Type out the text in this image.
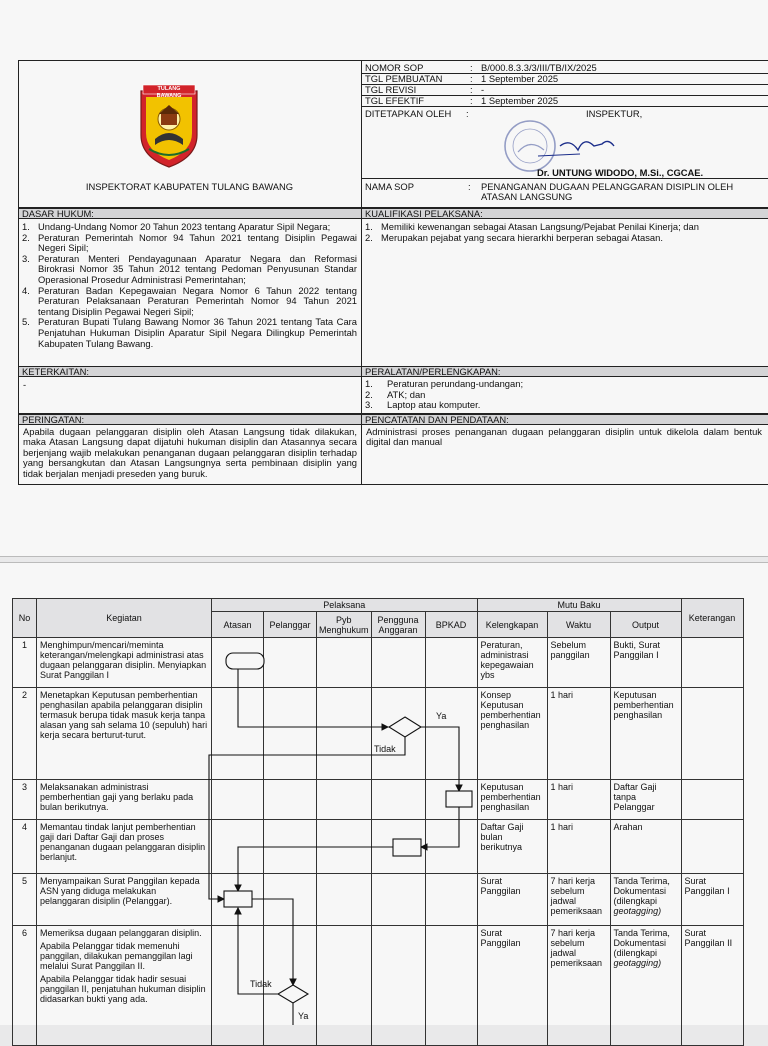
TULANG BAWANG
INSPEKTORAT KABUPATEN TULANG BAWANG
NOMOR SOP	: B/000.8.3.3/3/III/TB/IX/2025
TGL PEMBUATAN	: 1 September 2025
TGL REVISI	: -
TGL EFEKTIF	: 1 September 2025
DITETAPKAN OLEH :	INSPEKTUR,
Dr. UNTUNG WIDODO, M.Si., CGCAE.
NAMA SOP	: PENANGANAN DUGAAN PELANGGARAN DISIPLIN OLEH ATASAN LANGSUNG
DASAR HUKUM:	KUALIFIKASI PELAKSANA:
1. Undang-Undang Nomor 20 Tahun 2023 tentang Aparatur Sipil Negara;
2. Peraturan Pemerintah Nomor 94 Tahun 2021 tentang Disiplin Pegawai Negeri Sipil;
3. Peraturan Menteri Pendayagunaan Aparatur Negara dan Reformasi Birokrasi Nomor 35 Tahun 2012 tentang Pedoman Penyusunan Standar Operasional Prosedur Administrasi Pemerintahan;
4. Peraturan Badan Kepegawaian Negara Nomor 6 Tahun 2022 tentang Peraturan Pelaksanaan Peraturan Pemerintah Nomor 94 Tahun 2021 tentang Disiplin Pegawai Negeri Sipil;
5. Peraturan Bupati Tulang Bawang Nomor 36 Tahun 2021 tentang Tata Cara Penjatuhan Hukuman Disiplin Aparatur Sipil Negara Dilingkup Pemerintah Kabupaten Tulang Bawang.
1. Memiliki kewenangan sebagai Atasan Langsung/Pejabat Penilai Kinerja; dan
2. Merupakan pejabat yang secara hierarkhi berperan sebagai Atasan.
KETERKAITAN:	PERALATAN/PERLENGKAPAN:
-	1.	Peraturan perundang-undangan;
2.	ATK; dan
3.	Laptop atau komputer.
PERINGATAN:	PENCATATAN DAN PENDATAAN:
Apabila dugaan pelanggaran disiplin oleh Atasan Langsung tidak dilakukan, maka Atasan Langsung dapat dijatuhi hukuman disiplin dan Atasannya secara berjenjang wajib melakukan penanganan dugaan pelanggaran disiplin terhadap yang bersangkutan dan Atasan Langsungnya serta pembinaan disiplin yang tidak berjalan menjadi preseden yang buruk.
Administrasi proses penanganan dugaan pelanggaran disiplin untuk dikelola dalam bentuk digital dan manual
No	Kegiatan	Pelaksana					Mutu Baku			Keterangan
		Atasan	Pelanggar	Pyb Menghukum	Pengguna Anggaran	BPKAD	Kelengkapan	Waktu	Output	
1	Menghimpun/mencari/meminta keterangan/melengkapi administrasi atas dugaan pelanggaran disiplin. Menyiapkan Surat Panggilan I						Peraturan, administrasi kepegawaian ybs	Sebelum panggilan	Bukti, Surat Panggilan I	
2	Menetapkan Keputusan pemberhentian penghasilan apabila pelanggaran disiplin termasuk berupa tidak masuk kerja tanpa alasan yang sah selama 10 (sepuluh) hari kerja secara berturut-turut.						Konsep Keputusan pemberhentian penghasilan	1 hari	Keputusan pemberhentian penghasilan	
3	Melaksanakan administrasi pemberhentian gaji yang berlaku pada bulan berikutnya.						Keputusan pemberhentian penghasilan	1 hari	Daftar Gaji tanpa Pelanggar	
4	Memantau tindak lanjut pemberhentian gaji dari Daftar Gaji dan proses penanganan dugaan pelanggaran disiplin berlanjut.						Daftar Gaji bulan berikutnya	1 hari	Arahan	
5	Menyampaikan Surat Panggilan kepada ASN yang diduga melakukan pelanggaran disiplin (Pelanggar).						Surat Panggilan	7 hari kerja sebelum jadwal pemeriksaan	Tanda Terima, Dokumentasi (dilengkapi geotagging)	Surat Panggilan I
6	Memeriksa dugaan pelanggaran disiplin.
Apabila Pelanggar tidak memenuhi panggilan, dilakukan pemanggilan lagi melalui Surat Panggilan II.
Apabila Pelanggar tidak hadir sesuai panggilan II, penjatuhan hukuman disiplin didasarkan bukti yang ada.						Surat Panggilan	7 hari kerja sebelum jadwal pemeriksaan	Tanda Terima, Dokumentasi (dilengkapi geotagging)	Surat Panggilan II
Ya
Tidak
Tidak
Ya
